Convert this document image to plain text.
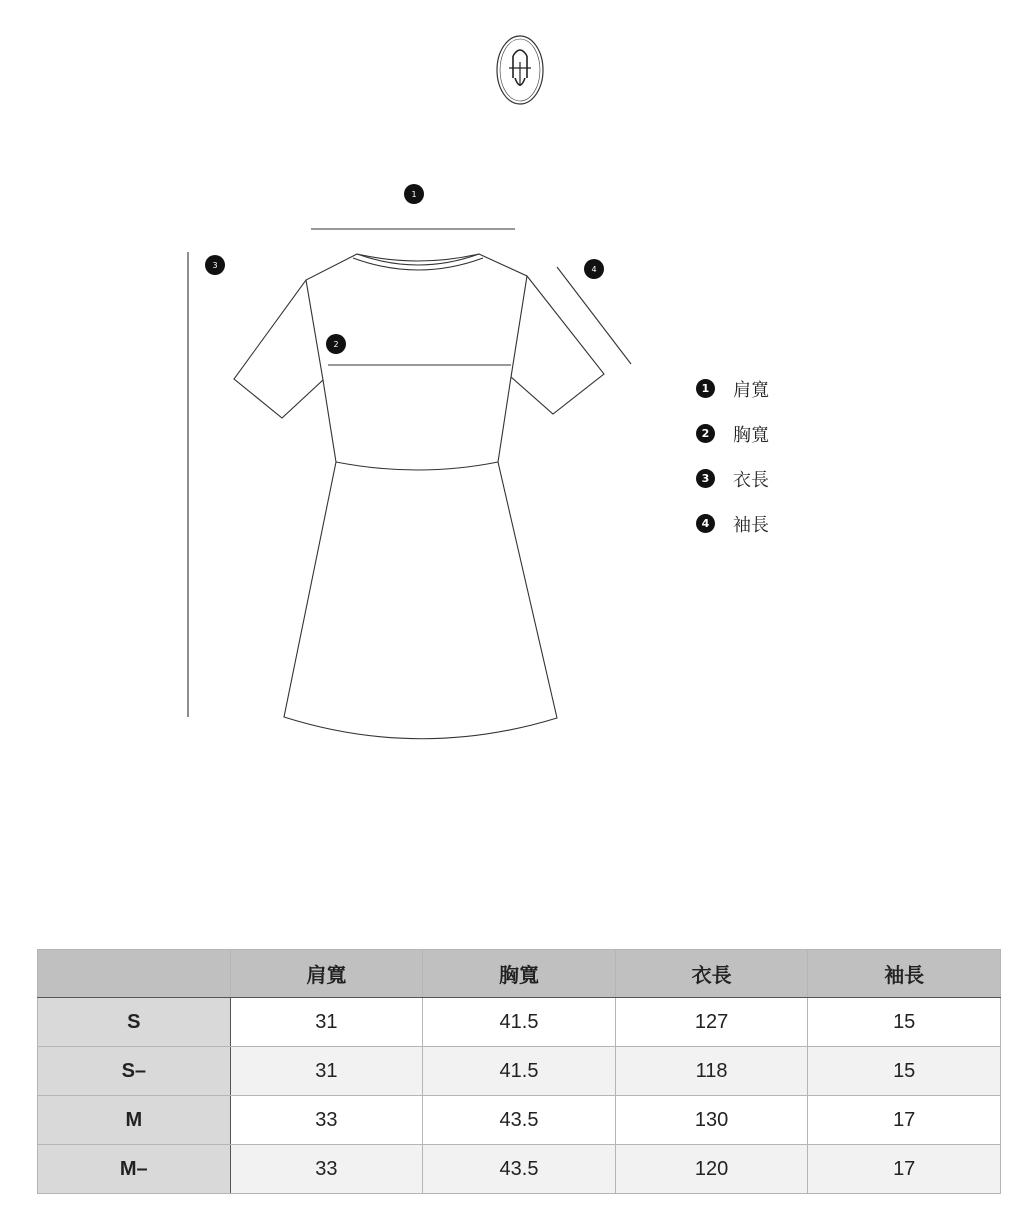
1
2
3	4
1	肩寬
2	胸寬
3	衣長
4	袖長
	肩寬	胸寬	衣長	袖長
S	31	41.5	127	15
S–	31	41.5	118	15
M	33	43.5	130	17
M–	33	43.5	120	17
